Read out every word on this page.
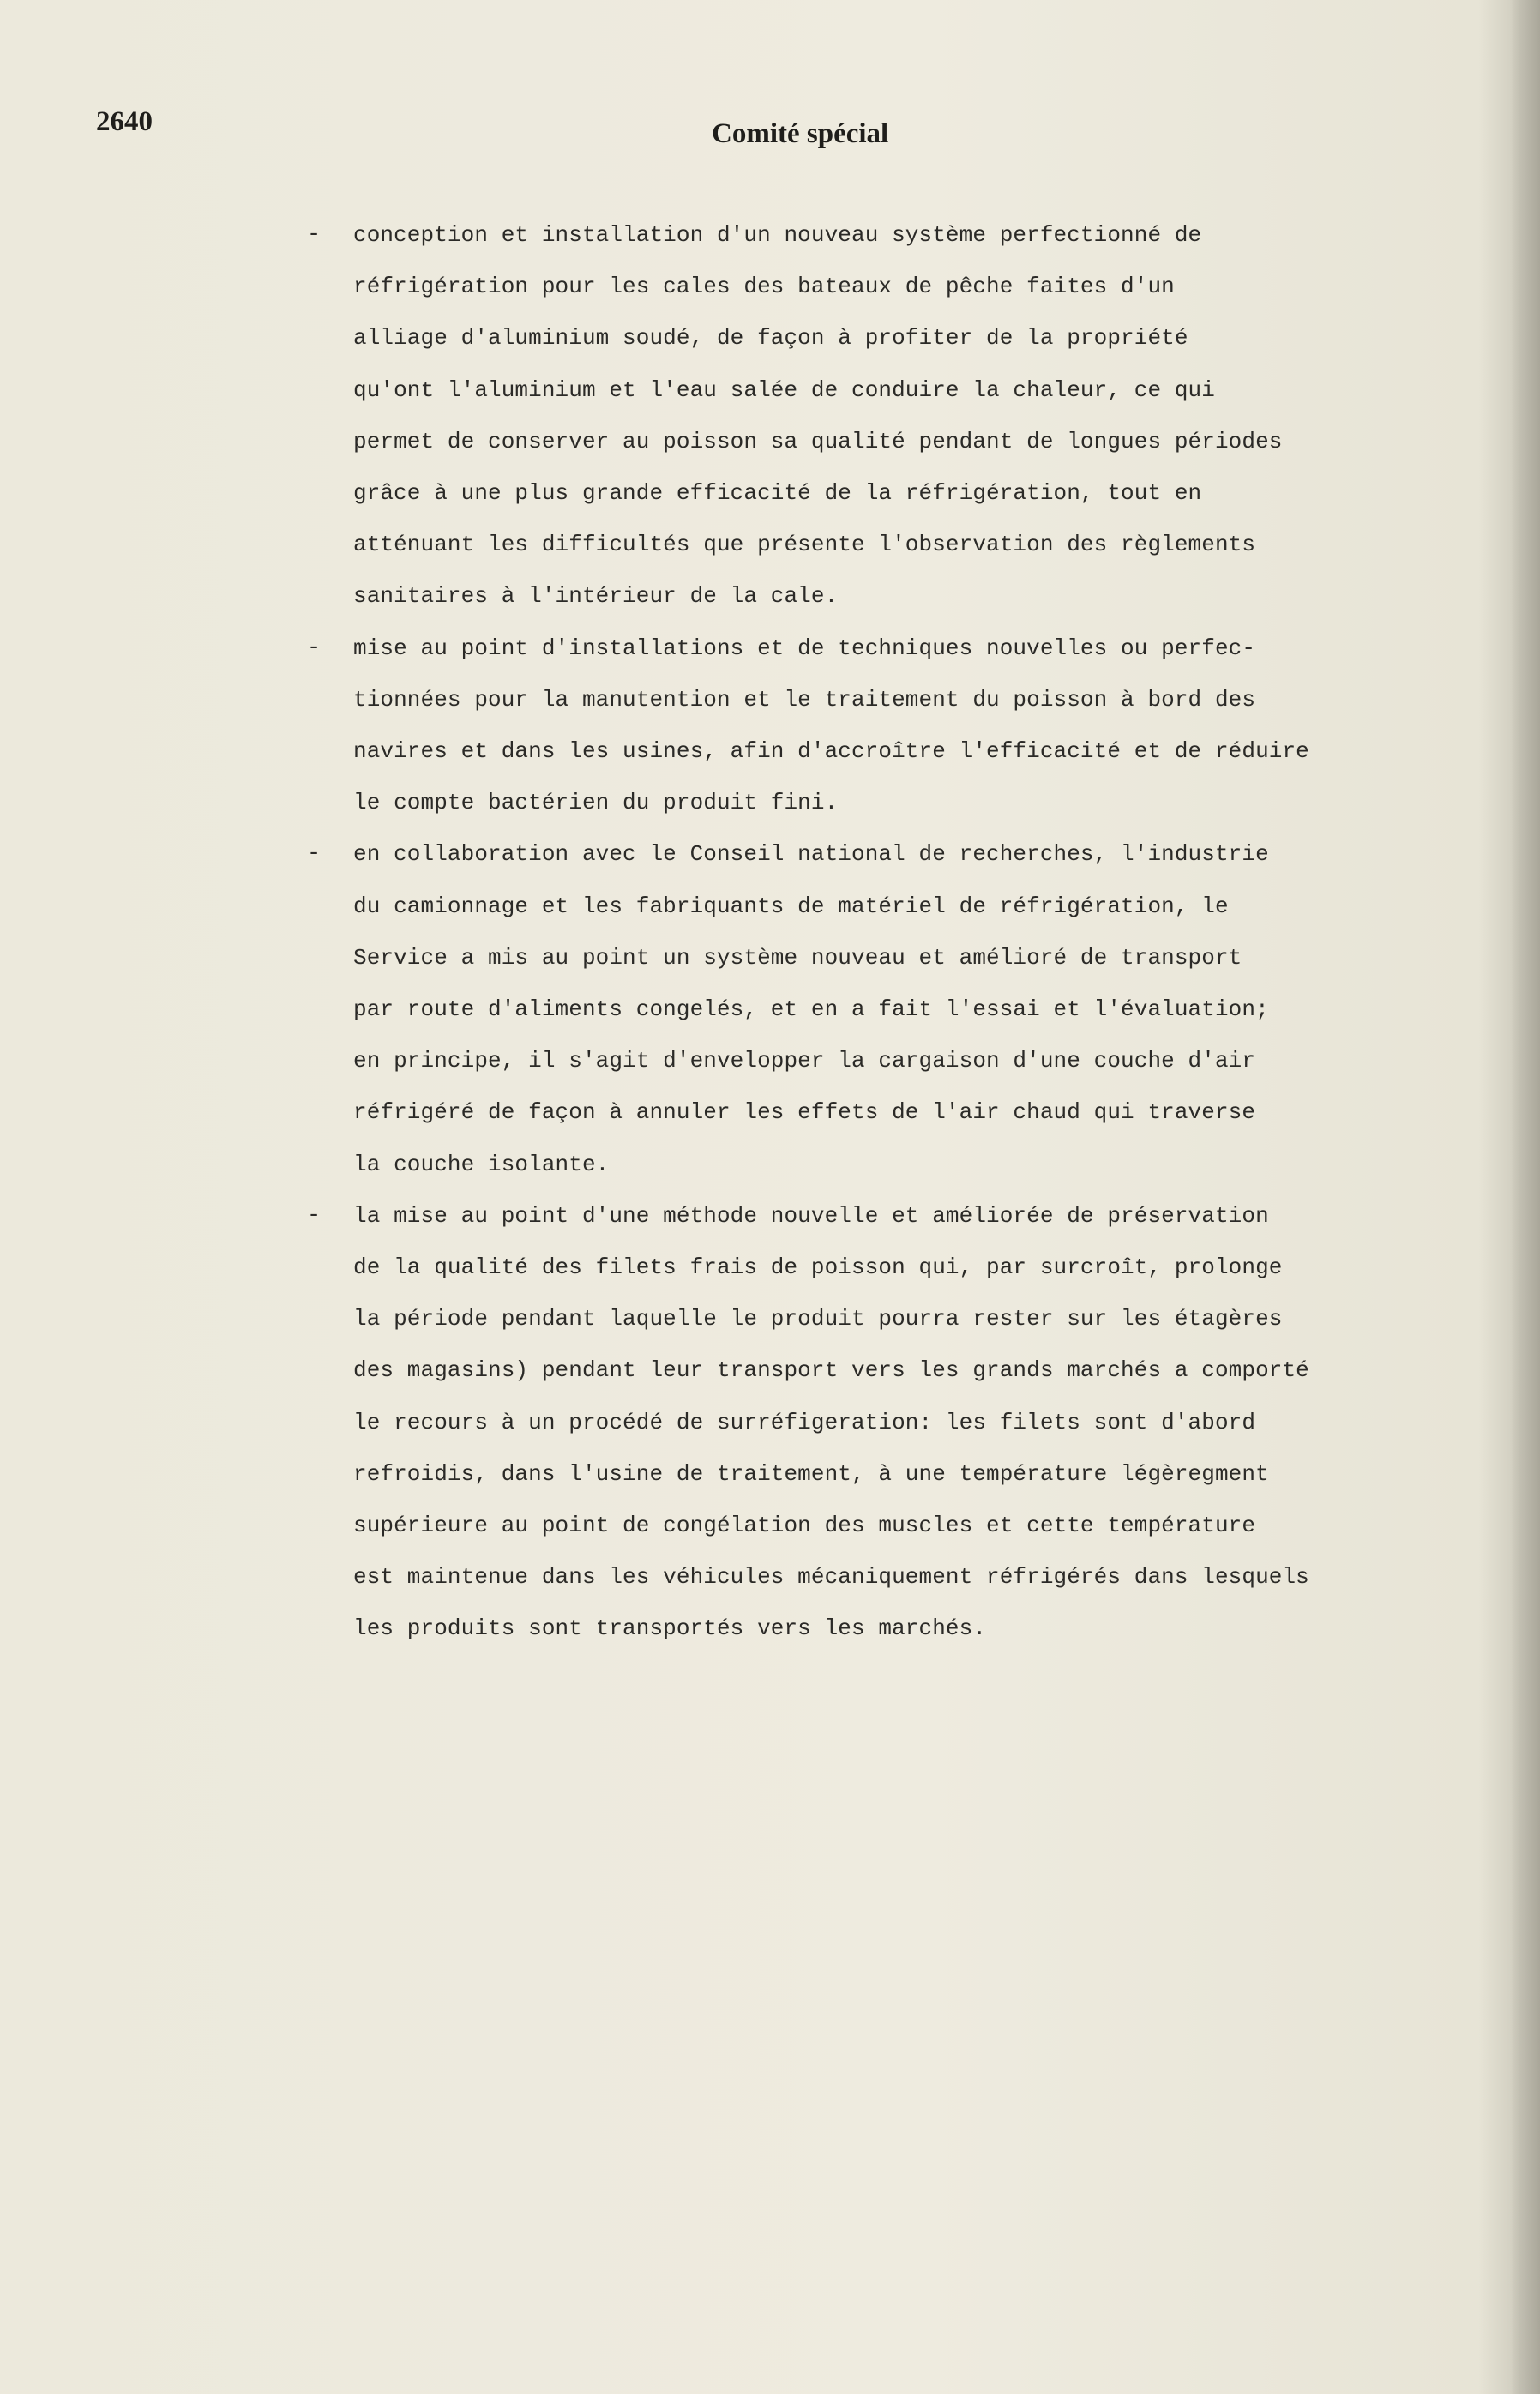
2640	Comité spécial
-	conception et installation d'un nouveau système perfectionné de
réfrigération pour les cales des bateaux de pêche faites d'un
alliage d'aluminium soudé, de façon à profiter de la propriété
qu'ont l'aluminium et l'eau salée de conduire la chaleur, ce qui
permet de conserver au poisson sa qualité pendant de longues périodes
grâce à une plus grande efficacité de la réfrigération, tout en
atténuant les difficultés que présente l'observation des règlements
sanitaires à l'intérieur de la cale.
-	mise au point d'installations et de techniques nouvelles ou perfec-
tionnées pour la manutention et le traitement du poisson à bord des
navires et dans les usines, afin d'accroître l'efficacité et de réduire
le compte bactérien du produit fini.
-	en collaboration avec le Conseil national de recherches, l'industrie
du camionnage et les fabriquants de matériel de réfrigération, le
Service a mis au point un système nouveau et amélioré de transport
par route d'aliments congelés, et en a fait l'essai et l'évaluation;
en principe, il s'agit d'envelopper la cargaison d'une couche d'air
réfrigéré de façon à annuler les effets de l'air chaud qui traverse
la couche isolante.
-	la mise au point d'une méthode nouvelle et améliorée de préservation
de la qualité des filets frais de poisson qui, par surcroît, prolonge
la période pendant laquelle le produit pourra rester sur les étagères
des magasins) pendant leur transport vers les grands marchés a comporté
le recours à un procédé de surréfigeration: les filets sont d'abord
refroidis, dans l'usine de traitement, à une température légèregment
supérieure au point de congélation des muscles et cette température
est maintenue dans les véhicules mécaniquement réfrigérés dans lesquels
les produits sont transportés vers les marchés.
